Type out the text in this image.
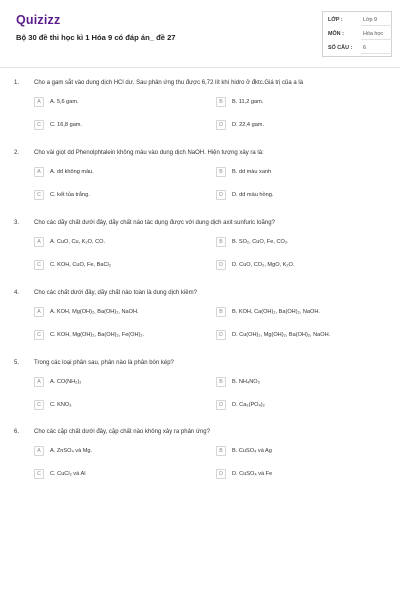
Quizizz
Bộ 30 đề thi học kì 1 Hóa 9 có đáp án_ đề 27
LỚP :	Lớp 9
MÔN :	Hóa học
SỐ CÂU : 6
1. Cho a gam sắt vào dung dịch HCl dư. Sau phản ứng thu được 6,72 lít khí hidro ở đktc.Giá trị của a là
A	A. 5,6 gam.	B	B. 11,2 gam.
C	C. 16,8 gam.	D	D. 22,4 gam.
2. Cho vài giọt dd Phenolphtalein không màu vào dung dịch NaOH. Hiện tượng xảy ra là:
A	A. dd không màu.	B	B. dd màu xanh
C	C. kết tủa trắng.	D	D. dd màu hồng.
3. Cho các dãy chất dưới đây, dãy chất nào tác dụng được với dung dịch axit sunfuric loãng?
A	A. CuO, Cu, K₂O, CO.	B	B. SO₂, CuO, Fe, CO₂.
C	C. KOH, CuO, Fe, BaCl₂	D	D. CuO, CO₂, MgO, K₂O.
4. Cho các chất dưới đây, dãy chất nào toàn là dung dịch kiềm?
A	A. KOH, Mg(OH)₂, Ba(OH)₂, NaOH.	B	B. KOH, Ca(OH)₂, Ba(OH)₂, NaOH.
C	C. KOH, Mg(OH)₂, Ba(OH)₂, Fe(OH)₂.	D	D. Cu(OH)₂, Mg(OH)₂, Ba(OH)₂, NaOH.
5. Trong các loại phân sau, phân nào là phân bón kép?
A	A. CO(NH₂)₂	B	B. NH₄NO₃
C	C. KNO₃	D	D. Ca₃(PO₄)₂
6. Cho các cặp chất dưới đây, cặp chất nào không xảy ra phản ứng?
A	A. ZnSO₄ và Mg.	B	B. CuSO₄ và Ag
C	C. CuCl₂ và Al	D	D. CuSO₄ và Fe
